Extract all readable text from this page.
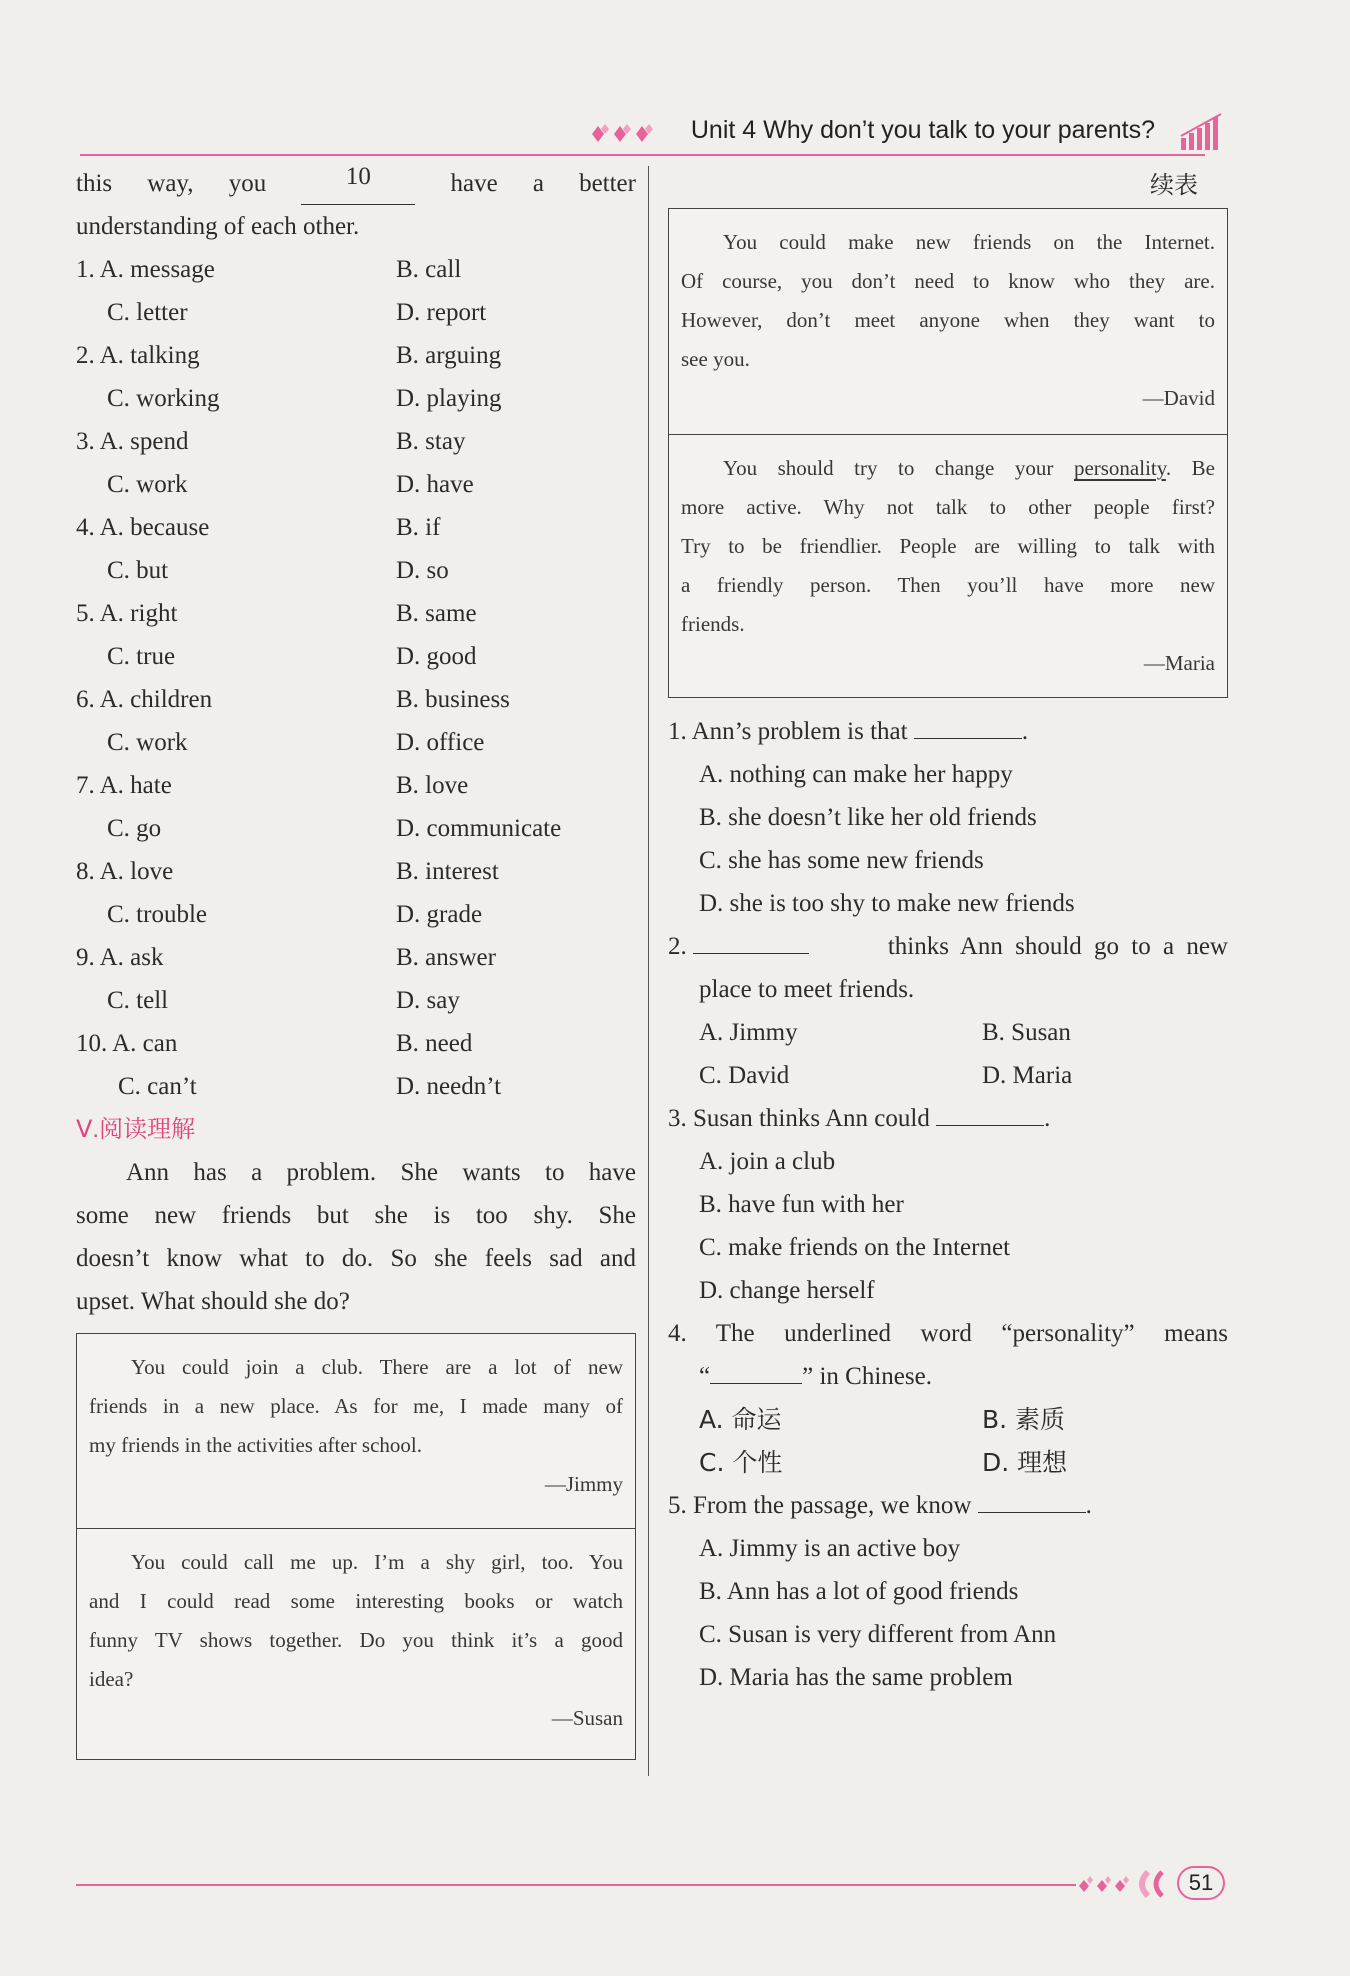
Unit 4 Why don’t you talk to your parents?
this way, you	10	have a better
understanding of each other.
1. A. message	B. call
C. letter	D. report
2. A. talking	B. arguing
C. working	D. playing
3. A. spend	B. stay
C. work	D. have
4. A. because	B. if
C. but	D. so
5. A. right	B. same
C. true	D. good
6. A. children	B. business
C. work	D. office
7. A. hate	B. love
C. go	D. communicate
8. A. love	B. interest
C. trouble	D. grade
9. A. ask	B. answer
C. tell	D. say
10. A. can	B. need
C. can’t	D. needn’t
Ⅴ.阅读理解
Ann has a problem. She wants to have
some new friends but she is too shy. She
doesn’t know what to do. So she feels sad and
upset. What should she do?
You could join a club. There are a lot of new
friends in a new place. As for me, I made many of
my friends in the activities after school.
—Jimmy
You could call me up. I’m a shy girl, too. You
and I could read some interesting books or watch
funny TV shows together. Do you think it’s a good
idea?
—Susan
续表
You could make new friends on the Internet.
Of course, you don’t need to know who they are.
However, don’t meet anyone when they want to
see you.
—David
You should try to change your personality. Be
more active. Why not talk to other people first?
Try to be friendlier. People are willing to talk with
a friendly person. Then you’ll have more new
friends.
—Maria
1. Ann’s problem is that	.
A. nothing can make her happy
B. she doesn’t like her old friends
C. she has some new friends
D. she is too shy to make new friends
2.	thinks Ann should go to a new
place to meet friends.
A. Jimmy	B. Susan
C. David	D. Maria
3. Susan thinks Ann could	.
A. join a club
B. have fun with her
C. make friends on the Internet
D. change herself
4. The underlined word “personality” means
“	” in Chinese.
A. 命运	B. 素质
C. 个性	D. 理想
5. From the passage, we know	.
A. Jimmy is an active boy
B. Ann has a lot of good friends
C. Susan is very different from Ann
D. Maria has the same problem
51
